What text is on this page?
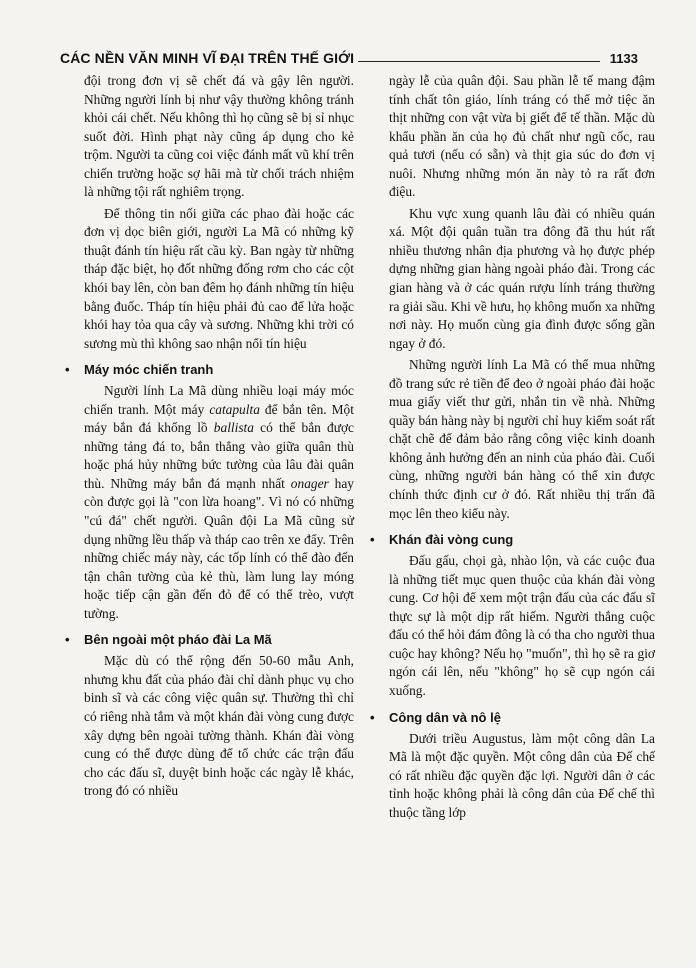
CÁC NỀN VĂN MINH VĨ ĐẠI TRÊN THẾ GIỚI	1133

đội trong đơn vị sẽ chết đá và gậy lên người. Những người lính bị như vậy thường không tránh khỏi cái chết. Nếu không thì họ cũng sẽ bị sỉ nhục suốt đời. Hình phạt này cũng áp dụng cho kẻ trộm. Người ta cũng coi việc đánh mất vũ khí trên chiến trường hoặc sợ hãi mà từ chối trách nhiệm là những tội rất nghiêm trọng.

Để thông tin nối giữa các phao đài hoặc các đơn vị dọc biên giới, người La Mã có những kỹ thuật đánh tín hiệu rất cầu kỳ. Ban ngày từ những tháp đặc biệt, họ đốt những đống rơm cho các cột khói bay lên, còn ban đêm họ đánh những tín hiệu bằng đuốc. Tháp tín hiệu phải đủ cao để lửa hoặc khói hay tỏa qua cây và sương. Những khi trời có sương mù thì không sao nhận nổi tín hiệu

• Máy móc chiến tranh

Người lính La Mã dùng nhiều loại máy móc chiến tranh. Một máy catapulta để bắn tên. Một máy bắn đá khổng lồ ballista có thể bắn được những tảng đá to, bắn thẳng vào giữa quân thù hoặc phá hủy những bức tường của lâu đài quân thù. Những máy bắn đá mạnh nhất onager hay còn được gọi là "con lừa hoang". Vì nó có những "cú đá" chết người. Quân đội La Mã cũng sử dụng những lều thấp và tháp cao trên xe đẩy. Trên những chiếc máy này, các tốp lính có thể đào đến tận chân tường của kẻ thù, làm lung lay móng hoặc tiếp cận gần đến đỏ để có thể trèo, vượt tường.

• Bên ngoài một pháo đài La Mã

Mặc dù có thể rộng đến 50-60 mẫu Anh, nhưng khu đất của pháo đài chỉ dành phục vụ cho binh sĩ và các công việc quân sự. Thường thì chỉ có riêng nhà tắm và một khán đài vòng cung được xây dựng bên ngoài tường thành. Khán đài vòng cung có thể được dùng để tổ chức các trận đấu cho các đấu sĩ, duyệt binh hoặc các ngày lễ khác, trong đó có nhiều

ngày lễ của quân đội. Sau phần lễ tế mang đậm tính chất tôn giáo, lính tráng có thể mở tiệc ăn thịt những con vật vừa bị giết để tế thần. Mặc dù khẩu phần ăn của họ đủ chất như ngũ cốc, rau quả tươi (nếu có sẵn) và thịt gia súc do đơn vị nuôi. Nhưng những món ăn này tỏ ra rất đơn điệu.

Khu vực xung quanh lâu đài có nhiều quán xá. Một đội quân tuần tra đông đã thu hút rất nhiều thương nhân địa phương và họ được phép dựng những gian hàng ngoài pháo đài. Trong các gian hàng và ở các quán rượu lính tráng thường ra giải sầu. Khi về hưu, họ không muốn xa những nơi này. Họ muốn cùng gia đình được sống gần ngay ở đó.

Những người lính La Mã có thể mua những đồ trang sức rẻ tiền để đeo ở ngoài pháo đài hoặc mua giấy viết thư gửi, nhắn tin về nhà. Những quầy bán hàng này bị người chỉ huy kiểm soát rất chặt chẽ để đảm bảo rằng công việc kinh doanh không ảnh hưởng đến an ninh của pháo đài. Cuối cùng, những người bán hàng có thể xin được chính thức định cư ở đó. Rất nhiều thị trấn đã mọc lên theo kiểu này.

• Khán đài vòng cung

Đấu gấu, chọi gà, nhào lộn, và các cuộc đua là những tiết mục quen thuộc của khán đài vòng cung. Cơ hội để xem một trận đấu của các đấu sĩ thực sự là một dịp rất hiếm. Người thắng cuộc đấu có thể hỏi đám đông là có tha cho người thua cuộc hay không? Nếu họ "muốn", thì họ sẽ ra giơ ngón cái lên, nếu "không" họ sẽ cụp ngón cái xuống.

• Công dân và nô lệ

Dưới triều Augustus, làm một công dân La Mã là một đặc quyền. Một công dân của Đế chế có rất nhiều đặc quyền đặc lợi. Người dân ở các tỉnh hoặc không phải là công dân của Đế chế thì thuộc tầng lớp
